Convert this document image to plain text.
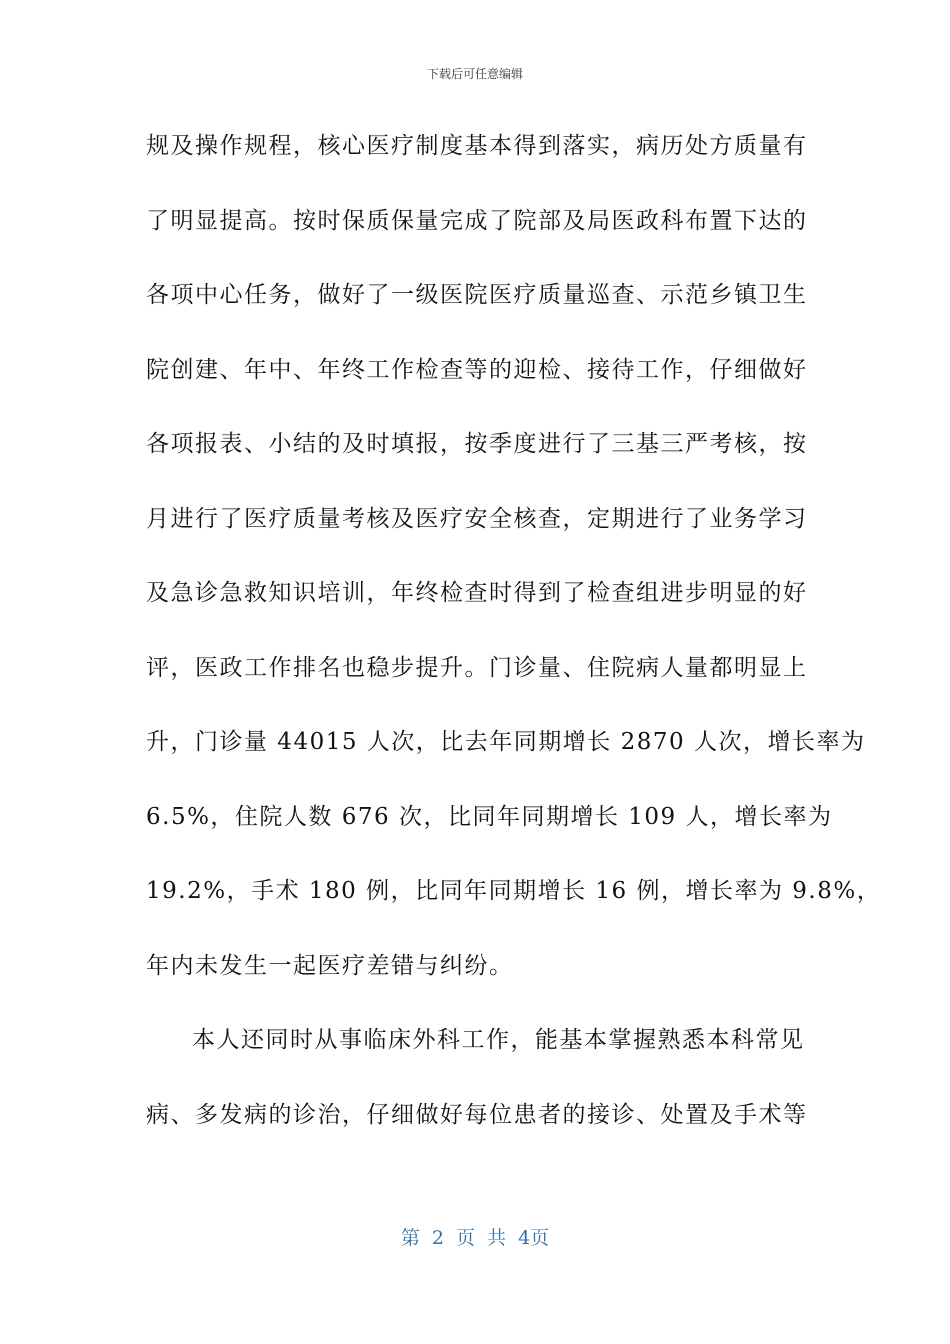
下载后可任意编辑
规及操作规程，核心医疗制度基本得到落实，病历处方质量有
了明显提高。按时保质保量完成了院部及局医政科布置下达的
各项中心任务，做好了一级医院医疗质量巡查、示范乡镇卫生
院创建、年中、年终工作检查等的迎检、接待工作，仔细做好
各项报表、小结的及时填报，按季度进行了三基三严考核，按
月进行了医疗质量考核及医疗安全核查，定期进行了业务学习
及急诊急救知识培训，年终检查时得到了检查组进步明显的好
评，医政工作排名也稳步提升。门诊量、住院病人量都明显上
升，门诊量 44015 人次，比去年同期增长 2870 人次，增长率为
6.5%，住院人数 676 次，比同年同期增长 109 人，增长率为
19.2%，手术 180 例，比同年同期增长 16 例，增长率为 9.8%，
年内未发生一起医疗差错与纠纷。
本人还同时从事临床外科工作，能基本掌握熟悉本科常见
病、多发病的诊治，仔细做好每位患者的接诊、处置及手术等
第 2 页 共 4页
